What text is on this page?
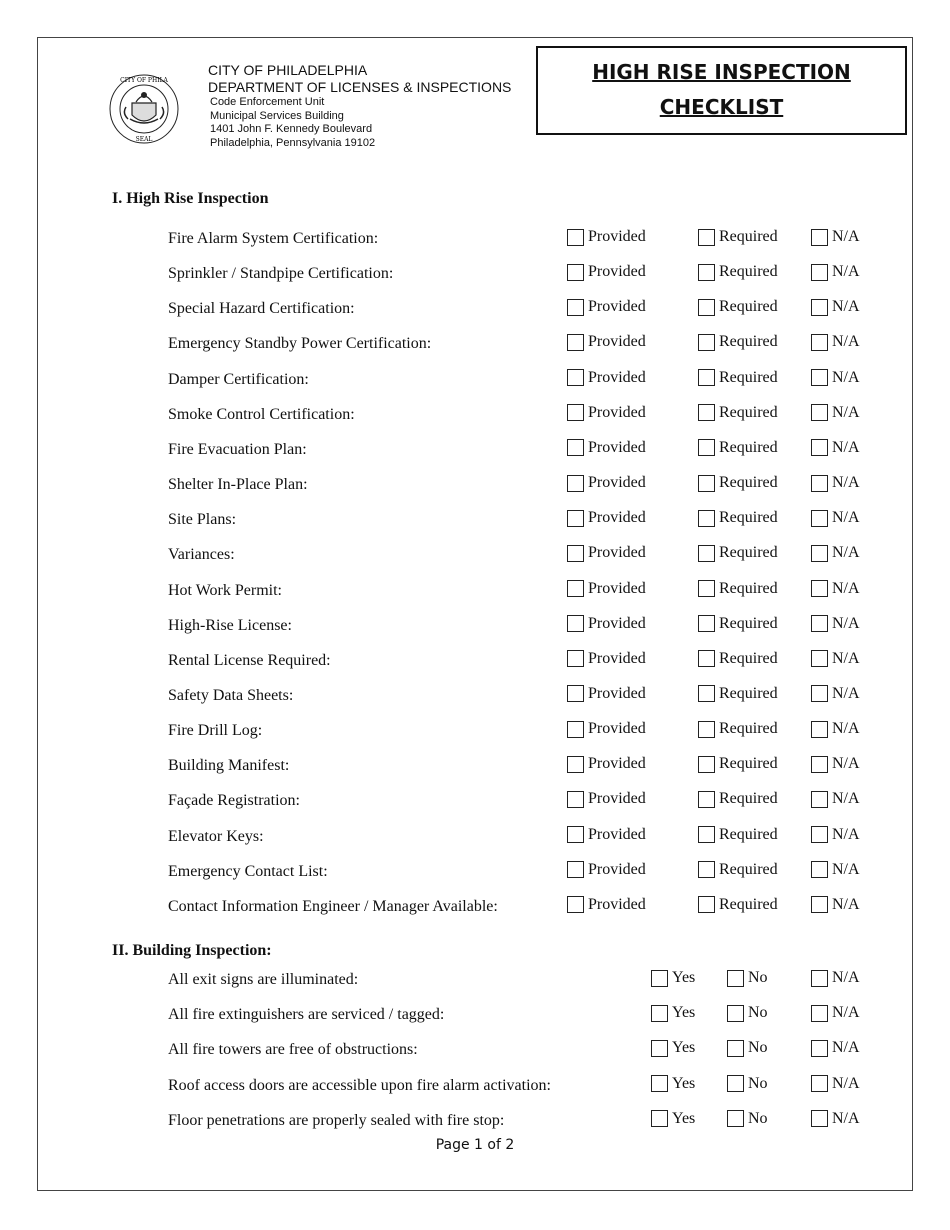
CITY OF PHILA
SEAL
CITY OF PHILADELPHIA
DEPARTMENT OF LICENSES & INSPECTIONS
Code Enforcement Unit
Municipal Services Building
1401 John F. Kennedy Boulevard
Philadelphia, Pennsylvania 19102
HIGH RISE INSPECTION
CHECKLIST
I. High Rise Inspection
Fire Alarm System Certification:	Provided	Required	N/A
Sprinkler / Standpipe Certification:	Provided	Required	N/A
Special Hazard Certification:	Provided	Required	N/A
Emergency Standby Power Certification:	Provided	Required	N/A
Damper Certification:	Provided	Required	N/A
Smoke Control Certification:	Provided	Required	N/A
Fire Evacuation Plan:	Provided	Required	N/A
Shelter In-Place Plan:	Provided	Required	N/A
Site Plans:	Provided	Required	N/A
Variances:	Provided	Required	N/A
Hot Work Permit:	Provided	Required	N/A
High-Rise License:	Provided	Required	N/A
Rental License Required:	Provided	Required	N/A
Safety Data Sheets:	Provided	Required	N/A
Fire Drill Log:	Provided	Required	N/A
Building Manifest:	Provided	Required	N/A
Façade Registration:	Provided	Required	N/A
Elevator Keys:	Provided	Required	N/A
Emergency Contact List:	Provided	Required	N/A
Contact Information Engineer / Manager Available:	Provided	Required	N/A
II. Building Inspection:
All exit signs are illuminated:	Yes	No	N/A
All fire extinguishers are serviced / tagged:	Yes	No	N/A
All fire towers are free of obstructions:	Yes	No	N/A
Roof access doors are accessible upon fire alarm activation:	Yes	No	N/A
Floor penetrations are properly sealed with fire stop:	Yes	No	N/A
Page 1 of 2
